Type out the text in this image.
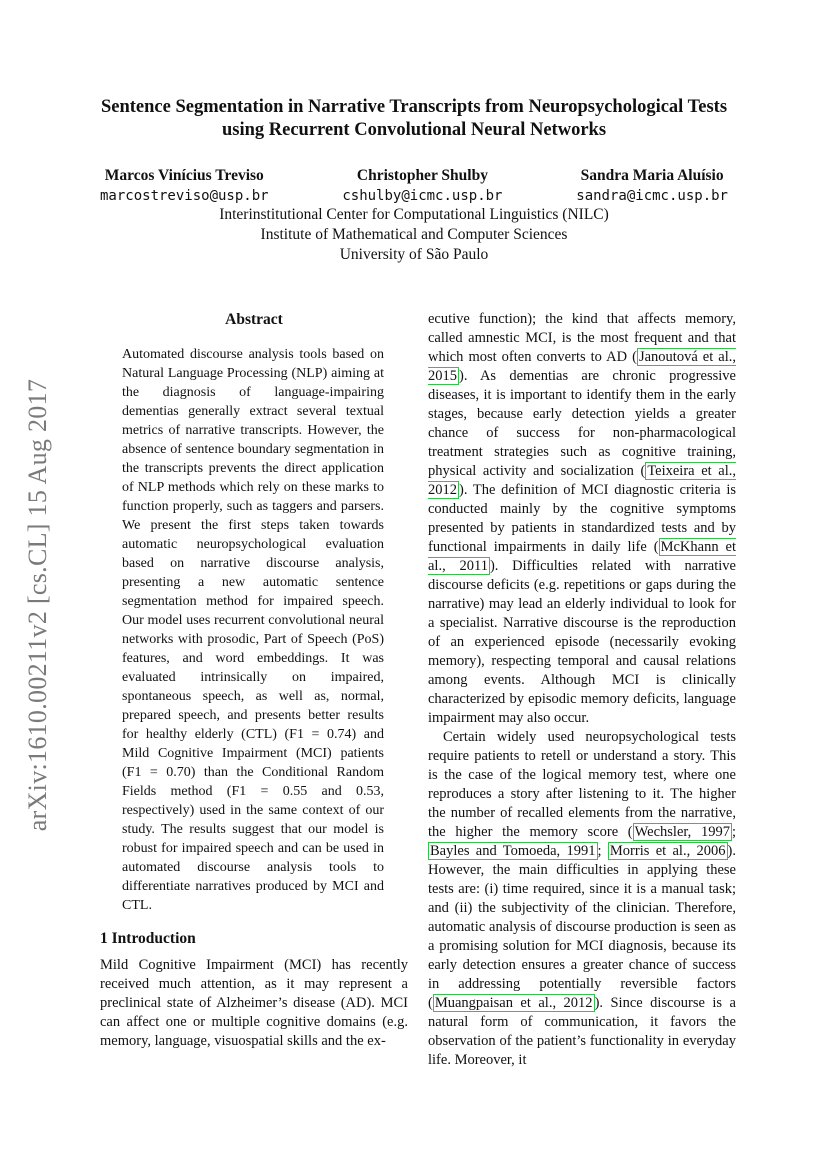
arXiv:1610.00211v2 [cs.CL] 15 Aug 2017
Sentence Segmentation in Narrative Transcripts from Neuropsychological Tests using Recurrent Convolutional Neural Networks
Marcos Vinícius Treviso
marcostreviso@usp.br
Christopher Shulby
cshulby@icmc.usp.br
Sandra Maria Aluísio
sandra@icmc.usp.br
Interinstitutional Center for Computational Linguistics (NILC)
Institute of Mathematical and Computer Sciences
University of São Paulo
Abstract

Automated discourse analysis tools based on Natural Language Processing (NLP) aiming at the diagnosis of language-impairing dementias generally extract several textual metrics of narrative transcripts. However, the absence of sentence boundary segmentation in the transcripts prevents the direct application of NLP methods which rely on these marks to function properly, such as taggers and parsers. We present the first steps taken towards automatic neuropsychological evaluation based on narrative discourse analysis, presenting a new automatic sentence segmentation method for impaired speech. Our model uses recurrent convolutional neural networks with prosodic, Part of Speech (PoS) features, and word embeddings. It was evaluated intrinsically on impaired, spontaneous speech, as well as, normal, prepared speech, and presents better results for healthy elderly (CTL) (F1 = 0.74) and Mild Cognitive Impairment (MCI) patients (F1 = 0.70) than the Conditional Random Fields method (F1 = 0.55 and 0.53, respectively) used in the same context of our study. The results suggest that our model is robust for impaired speech and can be used in automated discourse analysis tools to differentiate narratives produced by MCI and CTL.

1 Introduction

Mild Cognitive Impairment (MCI) has recently received much attention, as it may represent a preclinical state of Alzheimer’s disease (AD). MCI can affect one or multiple cognitive domains (e.g. memory, language, visuospatial skills and the ex-

ecutive function); the kind that affects memory, called amnestic MCI, is the most frequent and that which most often converts to AD ( Janoutová et al., 2015 ). As dementias are chronic progressive diseases, it is important to identify them in the early stages, because early detection yields a greater chance of success for non-pharmacological treatment strategies such as cognitive training, physical activity and socialization ( Teixeira et al., 2012 ). The definition of MCI diagnostic criteria is conducted mainly by the cognitive symptoms presented by patients in standardized tests and by functional impairments in daily life ( McKhann et al., 2011 ). Difficulties related with narrative discourse deficits (e.g. repetitions or gaps during the narrative) may lead an elderly individual to look for a specialist. Narrative discourse is the reproduction of an experienced episode (necessarily evoking memory), respecting temporal and causal relations among events. Although MCI is clinically characterized by episodic memory deficits, language impairment may also occur.

Certain widely used neuropsychological tests require patients to retell or understand a story. This is the case of the logical memory test, where one reproduces a story after listening to it. The higher the number of recalled elements from the narrative, the higher the memory score ( Wechsler, 1997 ; Bayles and Tomoeda, 1991 ; Morris et al., 2006 ). However, the main difficulties in applying these tests are: (i) time required, since it is a manual task; and (ii) the subjectivity of the clinician. Therefore, automatic analysis of discourse production is seen as a promising solution for MCI diagnosis, because its early detection ensures a greater chance of success in addressing potentially reversible factors ( Muangpaisan et al., 2012 ). Since discourse is a natural form of communication, it favors the observation of the patient’s functionality in everyday life. Moreover, it
